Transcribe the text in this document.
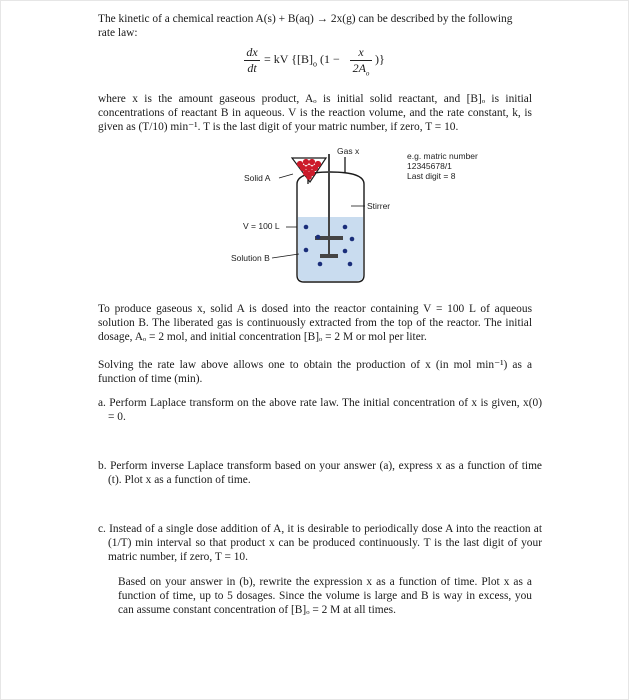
The kinetic of a chemical reaction A(s) + B(aq) → 2x(g) can be described by the following
rate law:
$\frac{dx}{dt}$ = kV {$[B]_o$ ($1 - \frac{x}{2A_o}$ )}
where x is the amount gaseous product, Aₒ is initial solid reactant, and [B]ₒ is initial concentrations of reactant B in aqueous. V is the reaction volume, and the rate constant, k, is given as (T/10) min⁻¹. T is the last digit of your matric number, if zero, T = 10.
Gas x
Solid A
Stirrer
V = 100 L
Solution B
e.g. matric number
12345678/1
Last digit = 8
To produce gaseous x, solid A is dosed into the reactor containing V = 100 L of aqueous solution B. The liberated gas is continuously extracted from the top of the reactor. The initial dosage, Aₒ = 2 mol, and initial concentration [B]ₒ = 2 M or mol per liter.
Solving the rate law above allows one to obtain the production of x (in mol min⁻¹) as a function of time (min).
a. Perform Laplace transform on the above rate law. The initial concentration of x is given, x(0) = 0.
b. Perform inverse Laplace transform based on your answer (a), express x as a function of time (t). Plot x as a function of time.
c. Instead of a single dose addition of A, it is desirable to periodically dose A into the reaction at (1/T) min interval so that product x can be produced continuously. T is the last digit of your matric number, if zero, T = 10.
Based on your answer in (b), rewrite the expression x as a function of time. Plot x as a function of time, up to 5 dosages. Since the volume is large and B is way in excess, you can assume constant concentration of [B]ₒ = 2 M at all times.
